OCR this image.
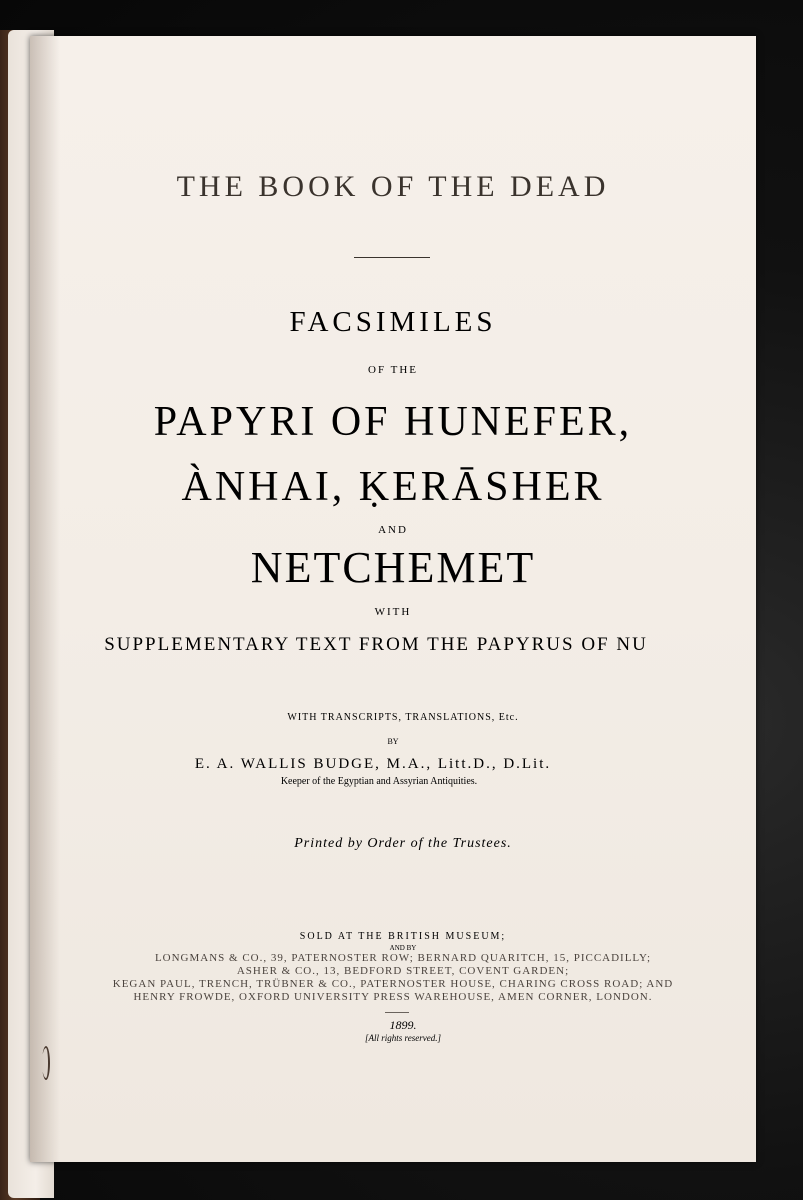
THE BOOK OF THE DEAD
FACSIMILES
OF THE
PAPYRI OF HUNEFER,
ÀNHAI, ḲERĀSHER
AND
NETCHEMET
WITH
SUPPLEMENTARY TEXT FROM THE PAPYRUS OF NU
WITH TRANSCRIPTS, TRANSLATIONS, Etc.
BY
E. A. WALLIS BUDGE, M.A., Litt.D., D.Lit.
Keeper of the Egyptian and Assyrian Antiquities.
Printed by Order of the Trustees.
SOLD AT THE BRITISH MUSEUM;
AND BY
LONGMANS & CO., 39, PATERNOSTER ROW; BERNARD QUARITCH, 15, PICCADILLY;
ASHER & CO., 13, BEDFORD STREET, COVENT GARDEN;
KEGAN PAUL, TRENCH, TRÜBNER & CO., PATERNOSTER HOUSE, CHARING CROSS ROAD; AND
HENRY FROWDE, OXFORD UNIVERSITY PRESS WAREHOUSE, AMEN CORNER, LONDON.
1899.
[All rights reserved.]
